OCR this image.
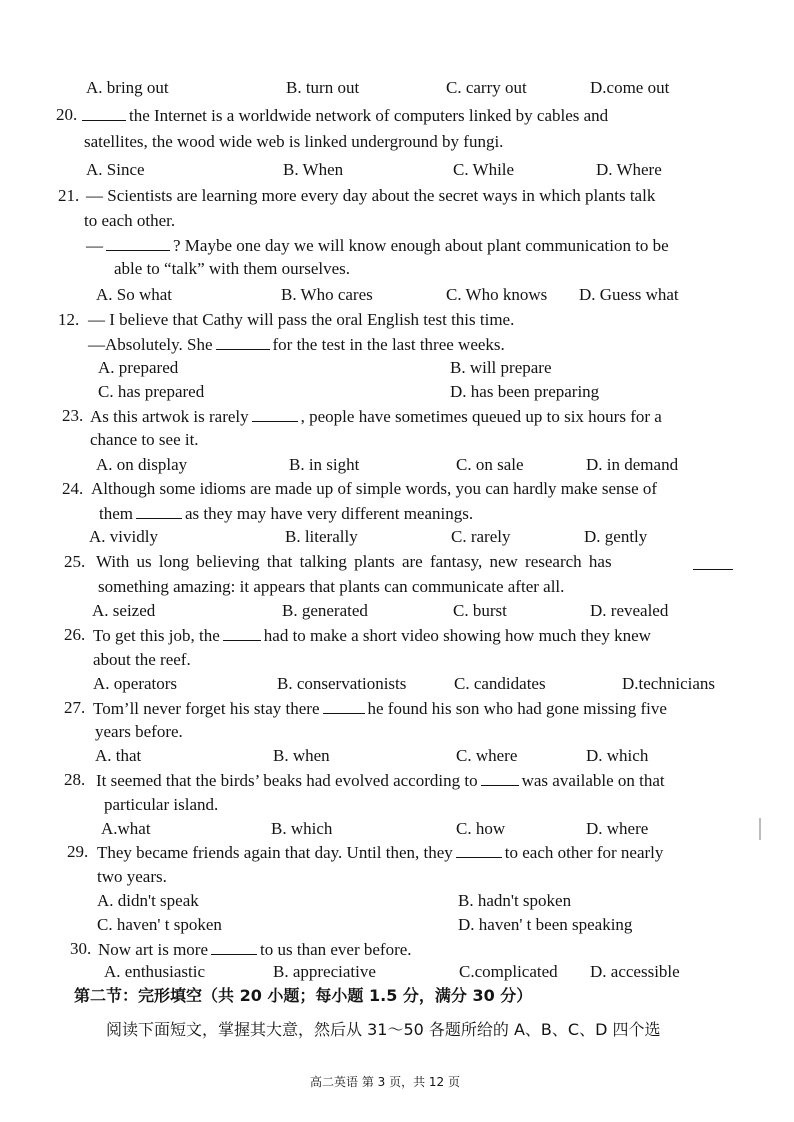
A. bring out	B. turn out	C. carry out	D.come out
20.	the Internet is a worldwide network of computers linked by cables and
satellites, the wood wide web is linked underground by fungi.
A. Since	B. When	C. While	D. Where
21. — Scientists are learning more every day about the secret ways in which plants talk
to each other.
—	? Maybe one day we will know enough about plant communication to be
able to “talk” with them ourselves.
A. So what	B. Who cares	C. Who knows D. Guess what
12. — I believe that Cathy will pass the oral English test this time.
—Absolutely. She	for the test in the last three weeks.
A. prepared	B. will prepare
C. has prepared	D. has been preparing
23. As this artwok is rarely	, people have sometimes queued up to six hours for a
chance to see it.
A. on display	B. in sight	C. on sale	D. in demand
24. Although some idioms are made up of simple words, you can hardly make sense of
them	as they may have very different meanings.
A. vividly	B. literally	C. rarely	D. gently
25. With us long believing that talking plants are fantasy, new research has
something amazing: it appears that plants can communicate after all.
A. seized	B. generated	C. burst	D. revealed
26. To get this job, the	had to make a short video showing how much they knew
about the reef.
A. operators	B. conservationists	C. candidates	D.technicians
27. Tom’ll never forget his stay there	he found his son who had gone missing five
years before.
A. that	B. when	C. where	D. which
28. It seemed that the birds’ beaks had evolved according to	was available on that
particular island.
A.what	B. which	C. how	D. where
29. They became friends again that day. Until then, they	to each other for nearly
two years.
A. didn't speak	B. hadn't spoken
C. haven' t spoken	D. haven' t been speaking
30. Now art is more	to us than ever before.
A. enthusiastic	B. appreciative	C.complicated D. accessible
第二节：完形填空（共 20 小题；每小题 1.5 分，满分 30 分）
阅读下面短文，掌握其大意，然后从 31～50 各题所给的 A、B、C、D 四个选
高二英语 第 3 页，共 12 页
